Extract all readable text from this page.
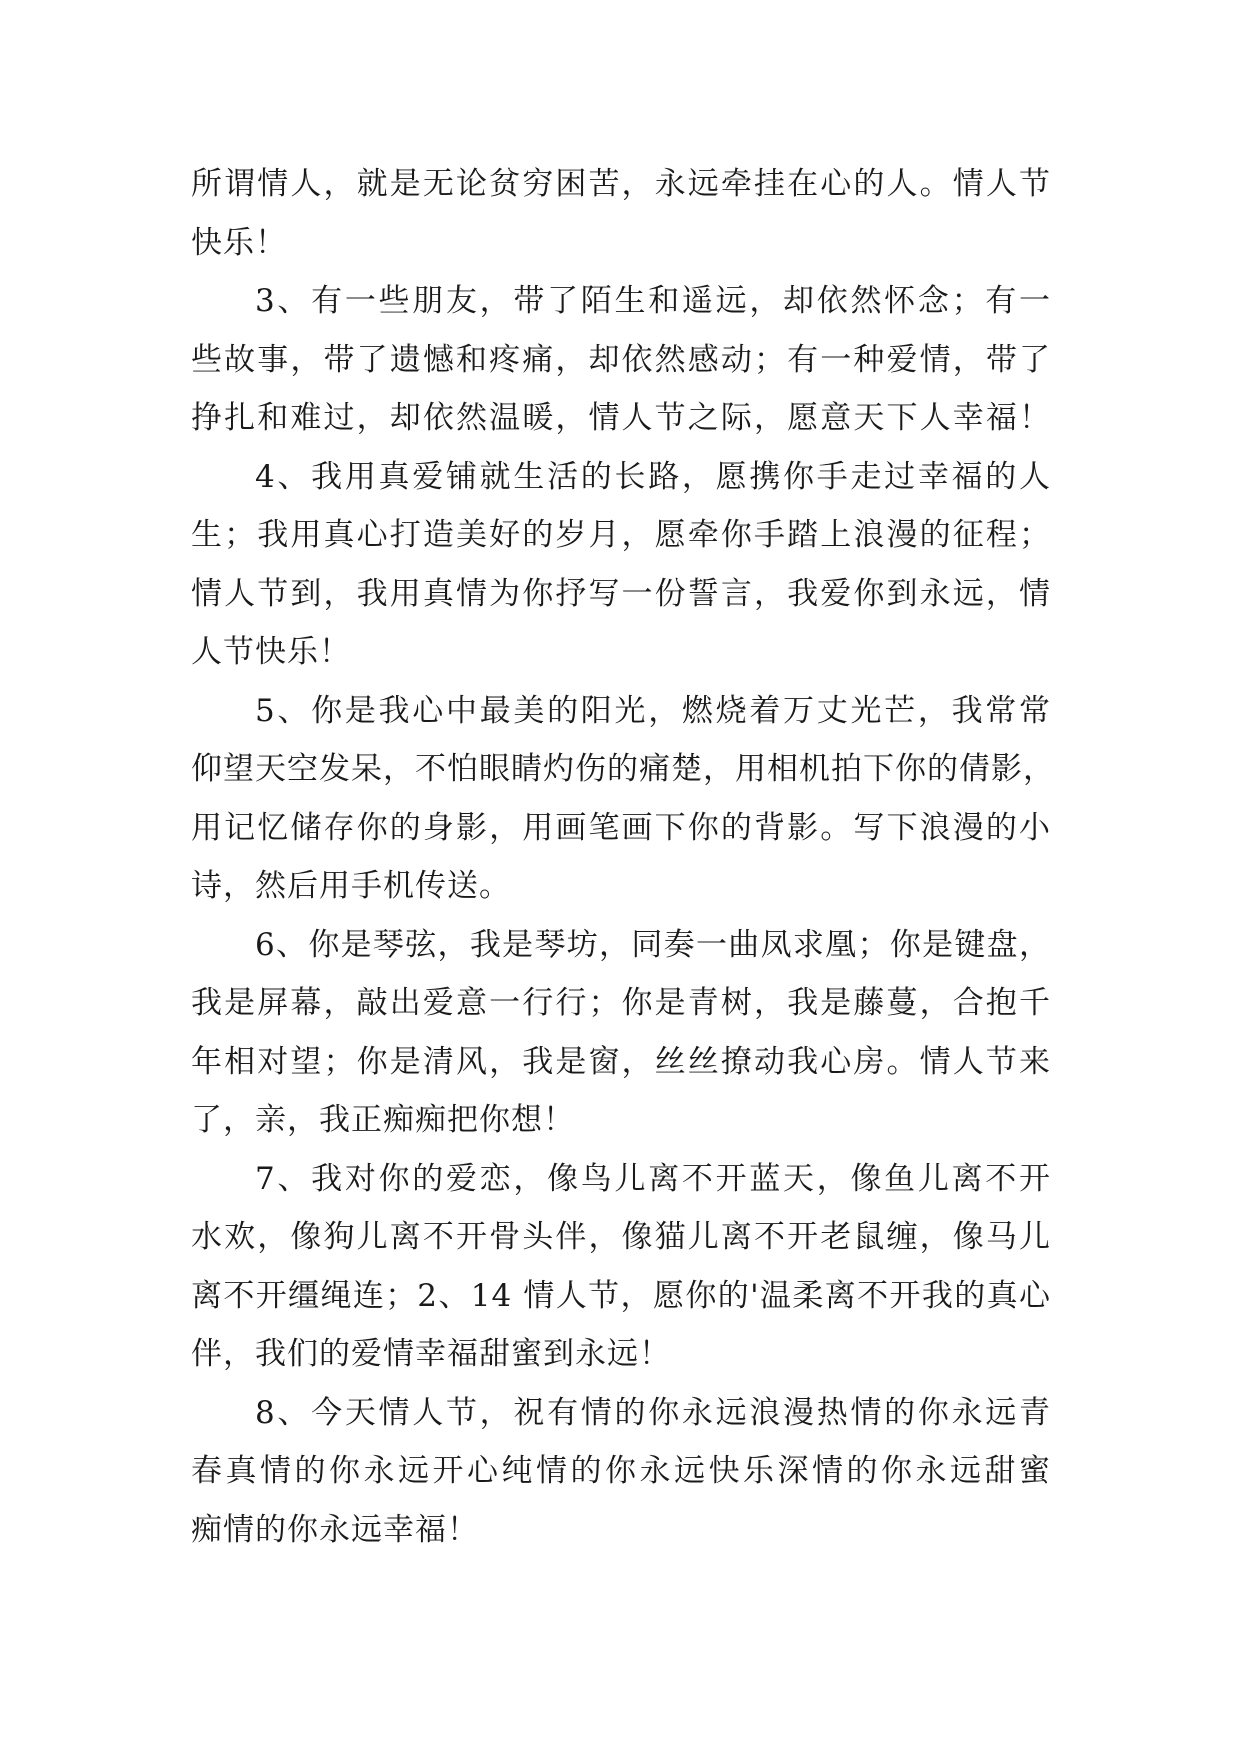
所谓情人，就是无论贫穷困苦，永远牵挂在心的人。情人节
快乐！
3、有一些朋友，带了陌生和遥远，却依然怀念；有一
些故事，带了遗憾和疼痛，却依然感动；有一种爱情，带了
挣扎和难过，却依然温暖，情人节之际，愿意天下人幸福！
4、我用真爱铺就生活的长路，愿携你手走过幸福的人
生；我用真心打造美好的岁月，愿牵你手踏上浪漫的征程；
情人节到，我用真情为你抒写一份誓言，我爱你到永远，情
人节快乐！
5、你是我心中最美的阳光，燃烧着万丈光芒，我常常
仰望天空发呆，不怕眼睛灼伤的痛楚，用相机拍下你的倩影，
用记忆储存你的身影，用画笔画下你的背影。写下浪漫的小
诗，然后用手机传送。
6、你是琴弦，我是琴坊，同奏一曲凤求凰；你是键盘，
我是屏幕，敲出爱意一行行；你是青树，我是藤蔓，合抱千
年相对望；你是清风，我是窗，丝丝撩动我心房。情人节来
了，亲，我正痴痴把你想！
7、我对你的爱恋，像鸟儿离不开蓝天，像鱼儿离不开
水欢，像狗儿离不开骨头伴，像猫儿离不开老鼠缠，像马儿
离不开缰绳连；2、14 情人节，愿你的'温柔离不开我的真心
伴，我们的爱情幸福甜蜜到永远！
8、今天情人节，祝有情的你永远浪漫热情的你永远青
春真情的你永远开心纯情的你永远快乐深情的你永远甜蜜
痴情的你永远幸福！
